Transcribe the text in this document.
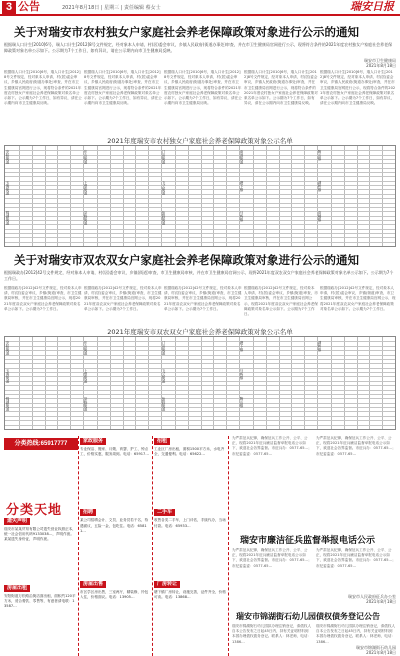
3 公告	2021年8月18日 | 星期三 | 责任编辑 蔡女士	瑞安日报
关于对瑞安市农村独女户家庭社会养老保障政策对象进行公示的通知
根据瑞人口计生[2010]6号，瑞人口计生[2012]8号文件规定，经对象本人申请，村(居)委会审议，乡镇人民政府(街道办事处)审查，并在市卫生健康局官网进行公示，现将符合条件的2021年度农村独女户家庭社会养老保障政策对象名单公示如下。公示期为7个工作日，如有异议，请在公示期内向市卫生健康局反映。
瑞安市卫生健康局
2021年8月18日
根据瑞人口计生[2010]6号，瑞人口计生[2012]8号文件规定，经对象本人申请，村(居)委会审议，乡镇人民政府(街道办事处)审查，并在市卫生健康局官网进行公示，现将符合条件的2021年度农村独女户家庭社会养老保障政策对象名单公示如下。公示期为7个工作日，如有异议，请在公示期内向市卫生健康局反映。
根据瑞人口计生[2010]6号，瑞人口计生[2012]8号文件规定，经对象本人申请，村(居)委会审议，乡镇人民政府(街道办事处)审查，并在市卫生健康局官网进行公示，现将符合条件的2021年度农村独女户家庭社会养老保障政策对象名单公示如下。公示期为7个工作日，如有异议，请在公示期内向市卫生健康局反映。
根据瑞人口计生[2010]6号，瑞人口计生[2012]8号文件规定，经对象本人申请，村(居)委会审议，乡镇人民政府(街道办事处)审查，并在市卫生健康局官网进行公示，现将符合条件的2021年度农村独女户家庭社会养老保障政策对象名单公示如下。公示期为7个工作日，如有异议，请在公示期内向市卫生健康局反映。
根据瑞人口计生[2010]6号，瑞人口计生[2012]8号文件规定，经对象本人申请，村(居)委会审议，乡镇人民政府(街道办事处)审查，并在市卫生健康局官网进行公示，现将符合条件的2021年度农村独女户家庭社会养老保障政策对象名单公示如下。公示期为7个工作日，如有异议，请在公示期内向市卫生健康局反映。
根据瑞人口计生[2010]6号，瑞人口计生[2012]8号文件规定，经对象本人申请，村(居)委会审议，乡镇人民政府(街道办事处)审查，并在市卫生健康局官网进行公示，现将符合条件的2021年度农村独女户家庭社会养老保障政策对象名单公示如下。公示期为7个工作日，如有异议，请在公示期内向市卫生健康局反映。
2021年度瑞安市农村独女户家庭社会养老保障政策对象公示名单
安阳街道
玉海街道
锦湖街道
东山街道
上望街道
莘塍街道
汀田街道
飞云街道
仙降街道
南滨街道
塘下镇
马屿镇
陶山镇
湖岭镇
高楼镇
关于对瑞安市双农双女户家庭社会养老保障政策对象进行公示的通知
根据瑞政办[2012]42号文件规定，经对象本人申请，村(居)委会审议，乡镇(街道)审查，市卫生健康局审核，并在市卫生健康局官网公示，现将2021年度双农双女户家庭社会养老保障政策对象名单公示如下。公示期为7个工作日。
根据瑞政办[2012]42号文件规定，经对象本人申请，村(居)委会审议，乡镇(街道)审查，市卫生健康局审核，并在市卫生健康局官网公示，现将2021年度双农双女户家庭社会养老保障政策对象名单公示如下。公示期为7个工作日。
根据瑞政办[2012]42号文件规定，经对象本人申请，村(居)委会审议，乡镇(街道)审查，市卫生健康局审核，并在市卫生健康局官网公示，现将2021年度双农双女户家庭社会养老保障政策对象名单公示如下。公示期为7个工作日。
根据瑞政办[2012]42号文件规定，经对象本人申请，村(居)委会审议，乡镇(街道)审查，市卫生健康局审核，并在市卫生健康局官网公示，现将2021年度双农双女户家庭社会养老保障政策对象名单公示如下。公示期为7个工作日。
根据瑞政办[2012]42号文件规定，经对象本人申请，村(居)委会审议，乡镇(街道)审查，市卫生健康局审核，并在市卫生健康局官网公示，现将2021年度双农双女户家庭社会养老保障政策对象名单公示如下。公示期为7个工作日。
根据瑞政办[2012]42号文件规定，经对象本人申请，村(居)委会审议，乡镇(街道)审查，市卫生健康局审核，并在市卫生健康局官网公示，现将2021年度双农双女户家庭社会养老保障政策对象名单公示如下。公示期为7个工作日。
2021年度瑞安市双农双女户家庭社会养老保障政策对象公示名单
安阳街道
玉海街道
锦湖街道
东山街道
上望街道
莘塍街道
汀田街道
飞云街道
仙降街道
塘下镇
马屿镇
陶山镇
湖岭镇
分类热线:65917777
分类天地
遗失声明
瑞安市某某贸易有限公司遗失营业执照正本，统一社会信用代码9133038…，声明作废。某某遗失身份证，声明作废。
房屋出租
安阳街道万松路沿街店面出租，面积约120平方米，适合餐饮、零售等，有意者请电联：13587…
家政服务
专业保洁、搬家、月嫂、育婴、护工、钟点工，价格实惠，服务周到。电话：65917…
招聘
某公司招聘会计、文员、业务员若干名，待遇面议，五险一金，包吃住。电话：65811…
房屋出售
市区学区房出售，三室两厅，精装修，拎包入住，价格面议。电话：13905…
招租
工业区厂房出租，面积1500平方米，水电齐全，交通便利。电话：65622…
二手车
收售各类二手车，上门评估，手续代办，当场付款。电话：65933…
厂房转让
塘下镇厂房转让，设施完善，证件齐全，价格可谈。电话：13868…
为严肃征兵纪律，确保征兵工作公开、公平、公正，现将2021年征兵廉洁监督举报电话公示如下，欢迎社会各界监督。市征兵办：0577-65…；市纪委监委：0577-65…
为严肃征兵纪律，确保征兵工作公开、公平、公正，现将2021年征兵廉洁监督举报电话公示如下，欢迎社会各界监督。市征兵办：0577-65…；市纪委监委：0577-65…
瑞安市廉洁征兵监督举报电话公示
为严肃征兵纪律，确保征兵工作公开、公平、公正，现将2021年征兵廉洁监督举报电话公示如下，欢迎社会各界监督。市征兵办：0577-65…；市纪委监委：0577-65…
为严肃征兵纪律，确保征兵工作公开、公平、公正，现将2021年征兵廉洁监督举报电话公示如下，欢迎社会各界监督。市征兵办：0577-65…；市纪委监委：0577-65…
瑞安市人民政府征兵办公室
2021年8月18日
瑞安市锦湖街石幼儿园债权债务登记公告
瑞安市锦湖街石幼儿园拟办理注销登记，请债权人自本公告发布之日起45日内，持有关证明材料到本园办理债权债务登记。联系人：林老师，电话：1386…
瑞安市锦湖街石幼儿园拟办理注销登记，请债权人自本公告发布之日起45日内，持有关证明材料到本园办理债权债务登记。联系人：林老师，电话：1386…
瑞安市锦湖街石幼儿园
2021年8月18日
